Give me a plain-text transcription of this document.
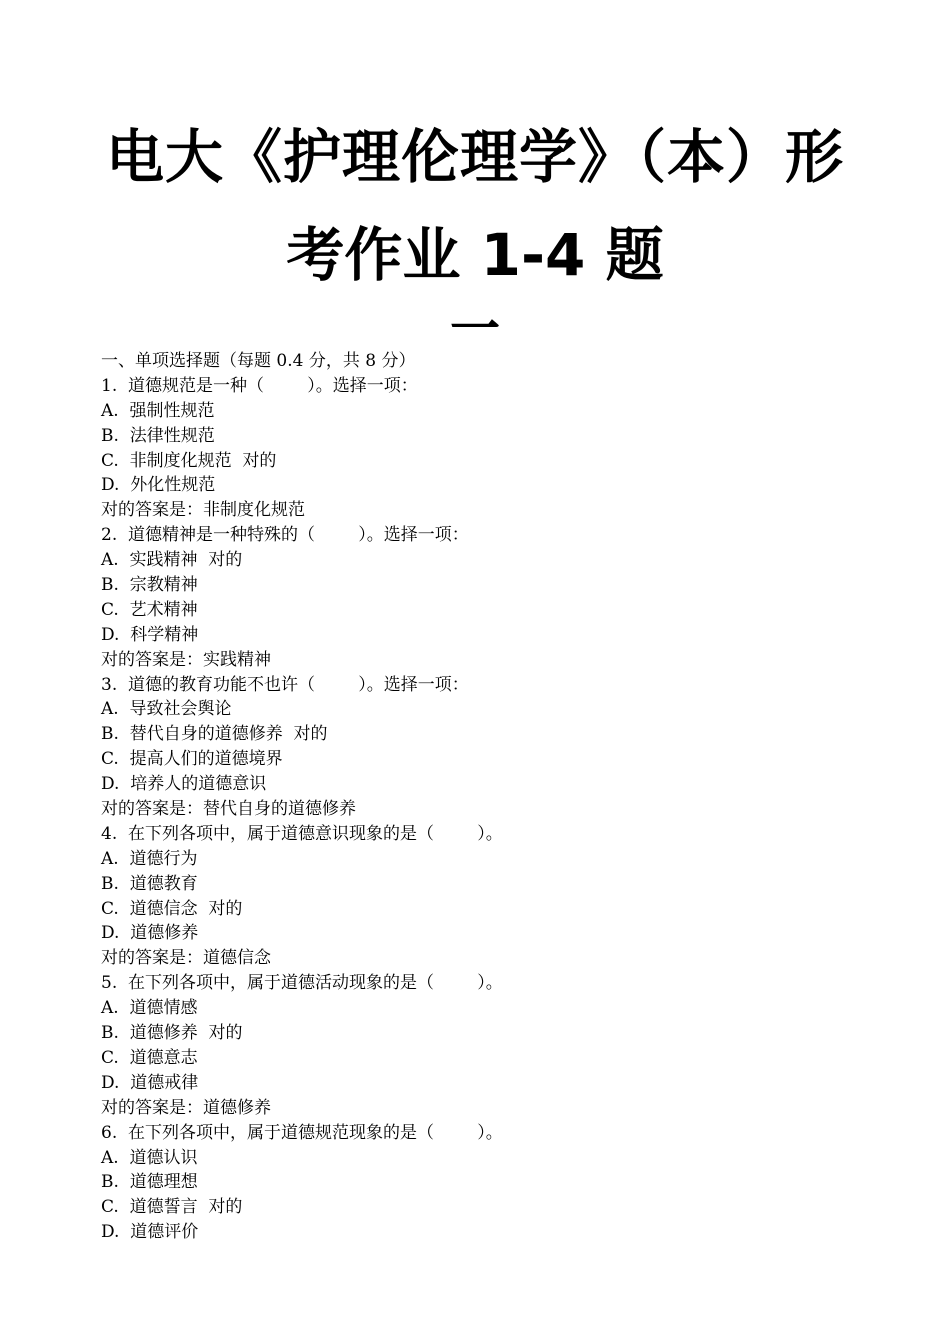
电大《护理伦理学》（本）形
考作业 1-4 题
一
一、单项选择题（每题 0.4 分，共 8 分）
1.  道德规范是一种（        ）。选择一项：
A.  强制性规范
B.  法律性规范
C.  非制度化规范  对的
D.  外化性规范
对的答案是：非制度化规范
2.  道德精神是一种特殊的（        ）。选择一项：
A.  实践精神  对的
B.  宗教精神
C.  艺术精神
D.  科学精神
对的答案是：实践精神
3.  道德的教育功能不也许（        ）。选择一项：
A.  导致社会舆论
B.  替代自身的道德修养  对的
C.  提高人们的道德境界
D.  培养人的道德意识
对的答案是：替代自身的道德修养
4.  在下列各项中，属于道德意识现象的是（        ）。
A.  道德行为
B.  道德教育
C.  道德信念  对的
D.  道德修养
对的答案是：道德信念
5.  在下列各项中，属于道德活动现象的是（        ）。
A.  道德情感
B.  道德修养  对的
C.  道德意志
D.  道德戒律
对的答案是：道德修养
6.  在下列各项中，属于道德规范现象的是（        ）。
A.  道德认识
B.  道德理想
C.  道德誓言  对的
D.  道德评价
